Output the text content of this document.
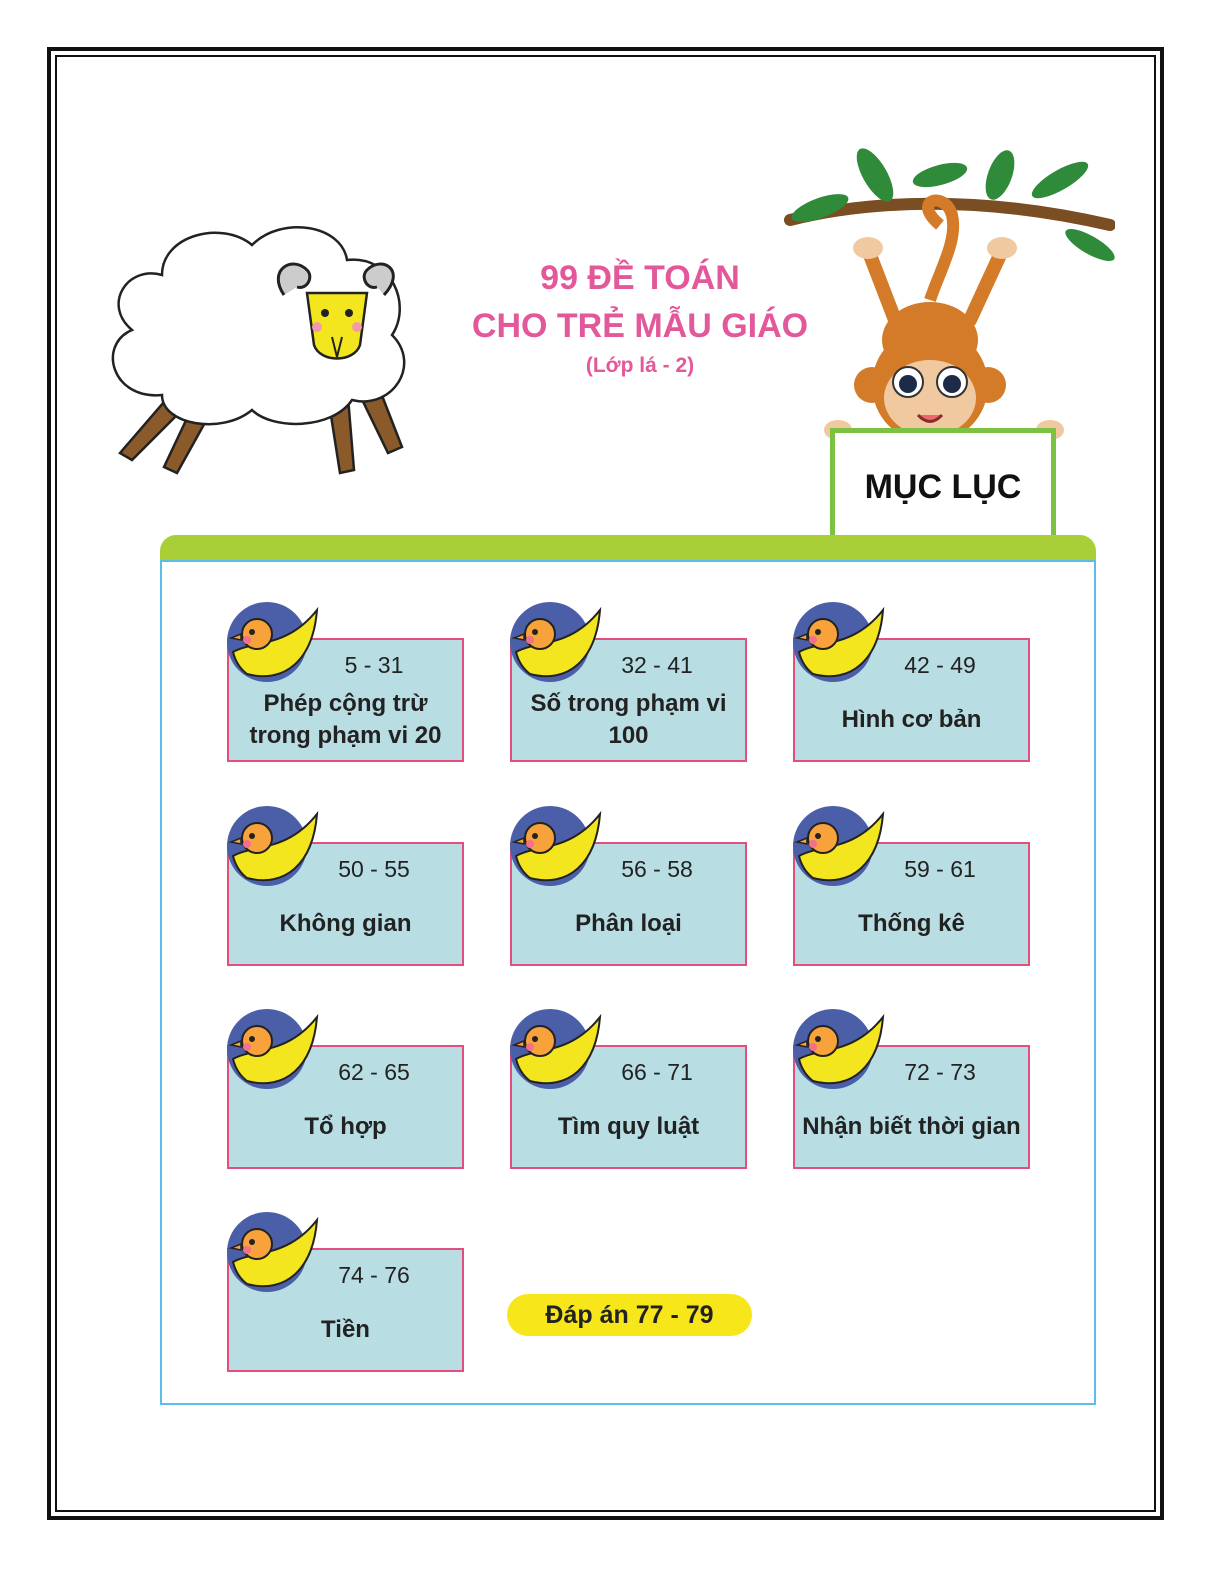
99 ĐỀ TOÁN
CHO TRẺ MẪU GIÁO
(Lớp lá - 2)
MỤC LỤC
5 - 31
Phép cộng trừ trong phạm vi 20
32 - 41
Số trong phạm vi 100
42 - 49
Hình cơ bản
50 - 55
Không gian
56 - 58
Phân loại
59 - 61
Thống kê
62 - 65
Tổ hợp
66 - 71
Tìm quy luật
72 - 73
Nhận biết thời gian
74 - 76
Tiền
Đáp án 77 - 79
